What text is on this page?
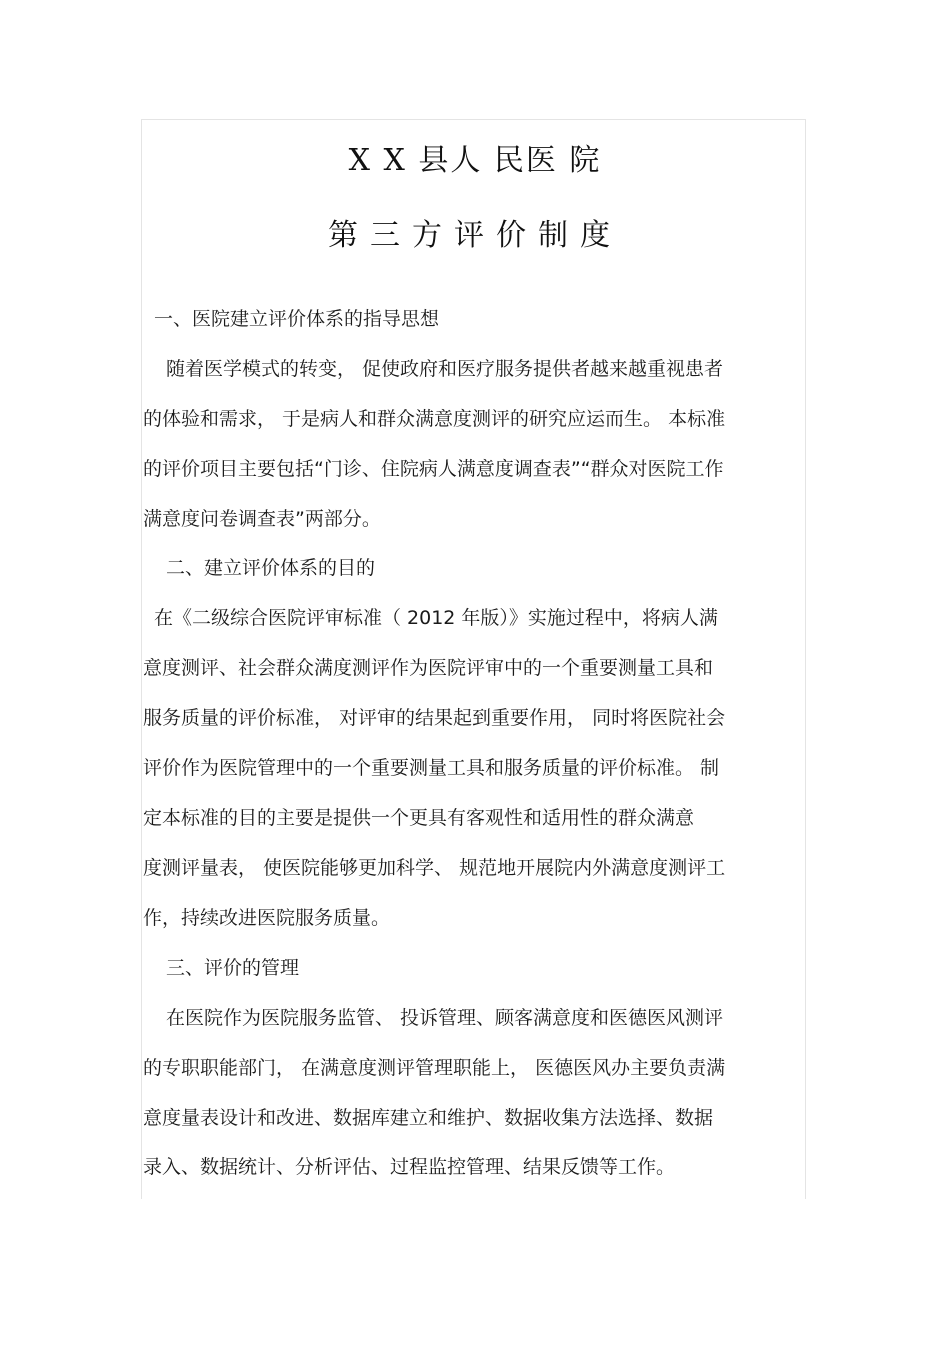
X X 县人 民医 院
第三方评价制度
一、医院建立评价体系的指导思想
随着医学模式的转变， 促使政府和医疗服务提供者越来越重视患者
的体验和需求， 于是病人和群众满意度测评的研究应运而生。 本标准
的评价项目主要包括“门诊、住院病人满意度调查表”“群众对医院工作
满意度问卷调查表”两部分。
二、建立评价体系的目的
在《二级综合医院评审标准（ 2012 年版）》实施过程中，将病人满
意度测评、社会群众满度测评作为医院评审中的一个重要测量工具和
服务质量的评价标准， 对评审的结果起到重要作用， 同时将医院社会
评价作为医院管理中的一个重要测量工具和服务质量的评价标准。 制
定本标准的目的主要是提供一个更具有客观性和适用性的群众满意
度测评量表， 使医院能够更加科学、 规范地开展院内外满意度测评工
作，持续改进医院服务质量。
三、评价的管理
在医院作为医院服务监管、 投诉管理、顾客满意度和医德医风测评
的专职职能部门， 在满意度测评管理职能上， 医德医风办主要负责满
意度量表设计和改进、数据库建立和维护、数据收集方法选择、数据
录入、数据统计、分析评估、过程监控管理、结果反馈等工作。
